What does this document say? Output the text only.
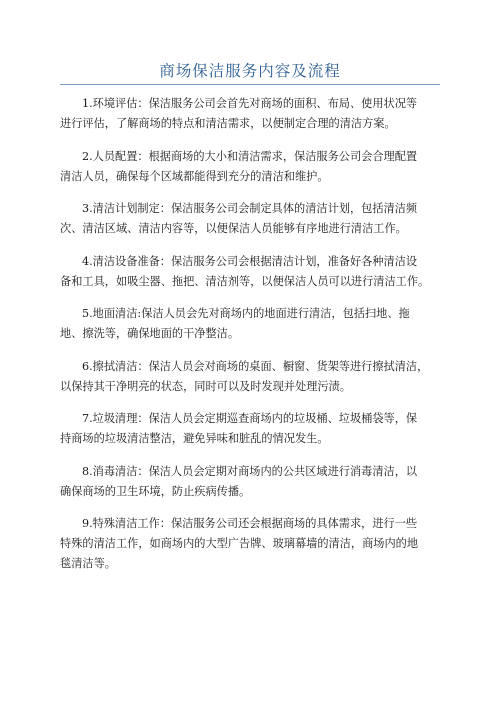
商场保洁服务内容及流程

1.环境评估：保洁服务公司会首先对商场的面积、布局、使用状况等
进行评估，了解商场的特点和清洁需求，以便制定合理的清洁方案。

2.人员配置：根据商场的大小和清洁需求，保洁服务公司会合理配置
清洁人员，确保每个区域都能得到充分的清洁和维护。

3.清洁计划制定：保洁服务公司会制定具体的清洁计划，包括清洁频
次、清洁区域、清洁内容等，以便保洁人员能够有序地进行清洁工作。

4.清洁设备准备：保洁服务公司会根据清洁计划，准备好各种清洁设
备和工具，如吸尘器、拖把、清洁剂等，以便保洁人员可以进行清洁工作。

5.地面清洁:保洁人员会先对商场内的地面进行清洁，包括扫地、拖
地、擦洗等，确保地面的干净整洁。

6.擦拭清洁：保洁人员会对商场的桌面、橱窗、货架等进行擦拭清洁，
以保持其干净明亮的状态，同时可以及时发现并处理污渍。

7.垃圾清理：保洁人员会定期巡查商场内的垃圾桶、垃圾桶袋等，保
持商场的垃圾清洁整洁，避免异味和脏乱的情况发生。

8.消毒清洁：保洁人员会定期对商场内的公共区域进行消毒清洁，以
确保商场的卫生环境，防止疾病传播。

9.特殊清洁工作：保洁服务公司还会根据商场的具体需求，进行一些
特殊的清洁工作，如商场内的大型广告牌、玻璃幕墙的清洁，商场内的地
毯清洁等。
